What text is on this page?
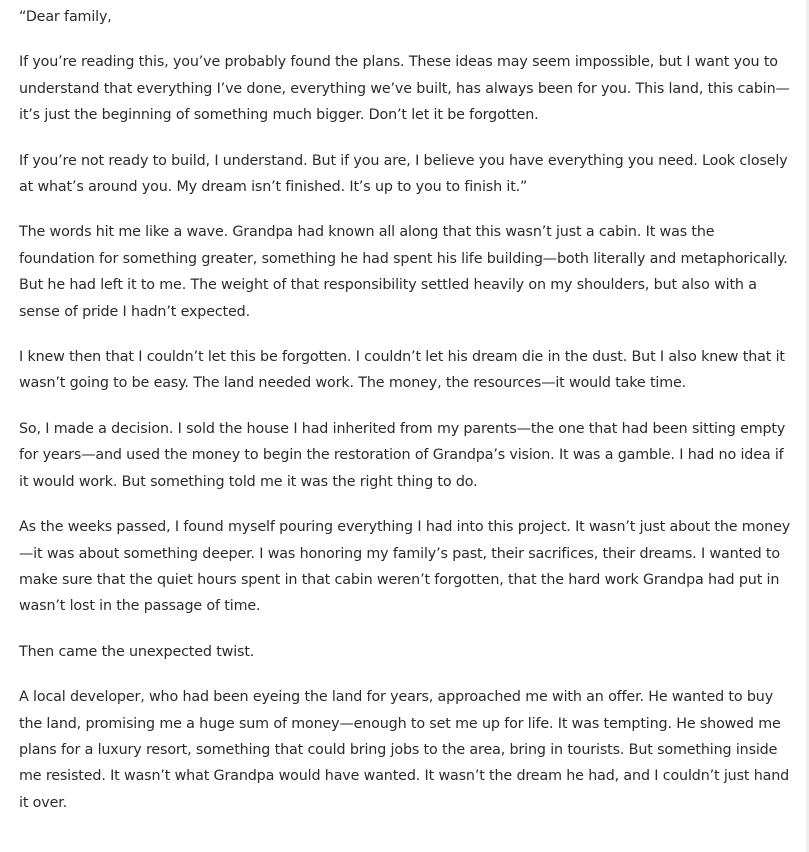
“Dear family,

If you’re reading this, you’ve probably found the plans. These ideas may seem impossible, but I want you to understand that everything I’ve done, everything we’ve built, has always been for you. This land, this cabin—it’s just the beginning of something much bigger. Don’t let it be forgotten.

If you’re not ready to build, I understand. But if you are, I believe you have everything you need. Look closely at what’s around you. My dream isn’t finished. It’s up to you to finish it.”

The words hit me like a wave. Grandpa had known all along that this wasn’t just a cabin. It was the foundation for something greater, something he had spent his life building—both literally and metaphorically. But he had left it to me. The weight of that responsibility settled heavily on my shoulders, but also with a sense of pride I hadn’t expected.

I knew then that I couldn’t let this be forgotten. I couldn’t let his dream die in the dust. But I also knew that it wasn’t going to be easy. The land needed work. The money, the resources—it would take time.

So, I made a decision. I sold the house I had inherited from my parents—the one that had been sitting empty for years—and used the money to begin the restoration of Grandpa’s vision. It was a gamble. I had no idea if it would work. But something told me it was the right thing to do.

As the weeks passed, I found myself pouring everything I had into this project. It wasn’t just about the money—it was about something deeper. I was honoring my family’s past, their sacrifices, their dreams. I wanted to make sure that the quiet hours spent in that cabin weren’t forgotten, that the hard work Grandpa had put in wasn’t lost in the passage of time.

Then came the unexpected twist.

A local developer, who had been eyeing the land for years, approached me with an offer. He wanted to buy the land, promising me a huge sum of money—enough to set me up for life. It was tempting. He showed me plans for a luxury resort, something that could bring jobs to the area, bring in tourists. But something inside me resisted. It wasn’t what Grandpa would have wanted. It wasn’t the dream he had, and I couldn’t just hand it over.
